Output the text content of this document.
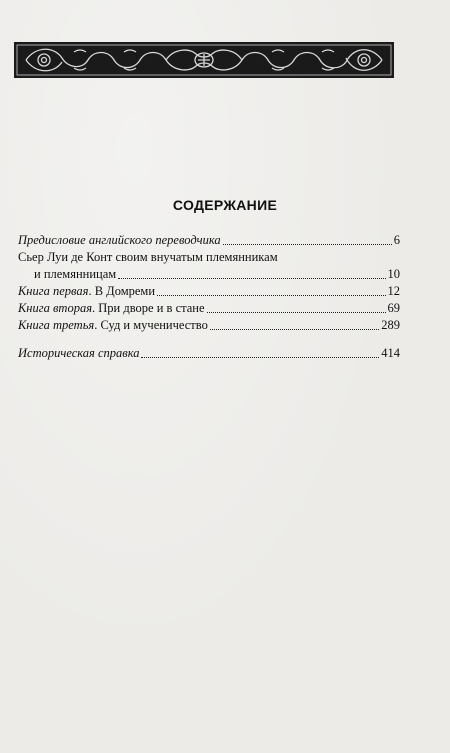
СОДЕРЖАНИЕ
Предисловие английского переводчика	6
Сьер Луи де Конт своим внучатым племянникам
и племянницам	10
Книга первая. В Домреми	12
Книга вторая. При дворе и в стане	69
Книга третья. Суд и мученичество	289
Историческая справка	414
